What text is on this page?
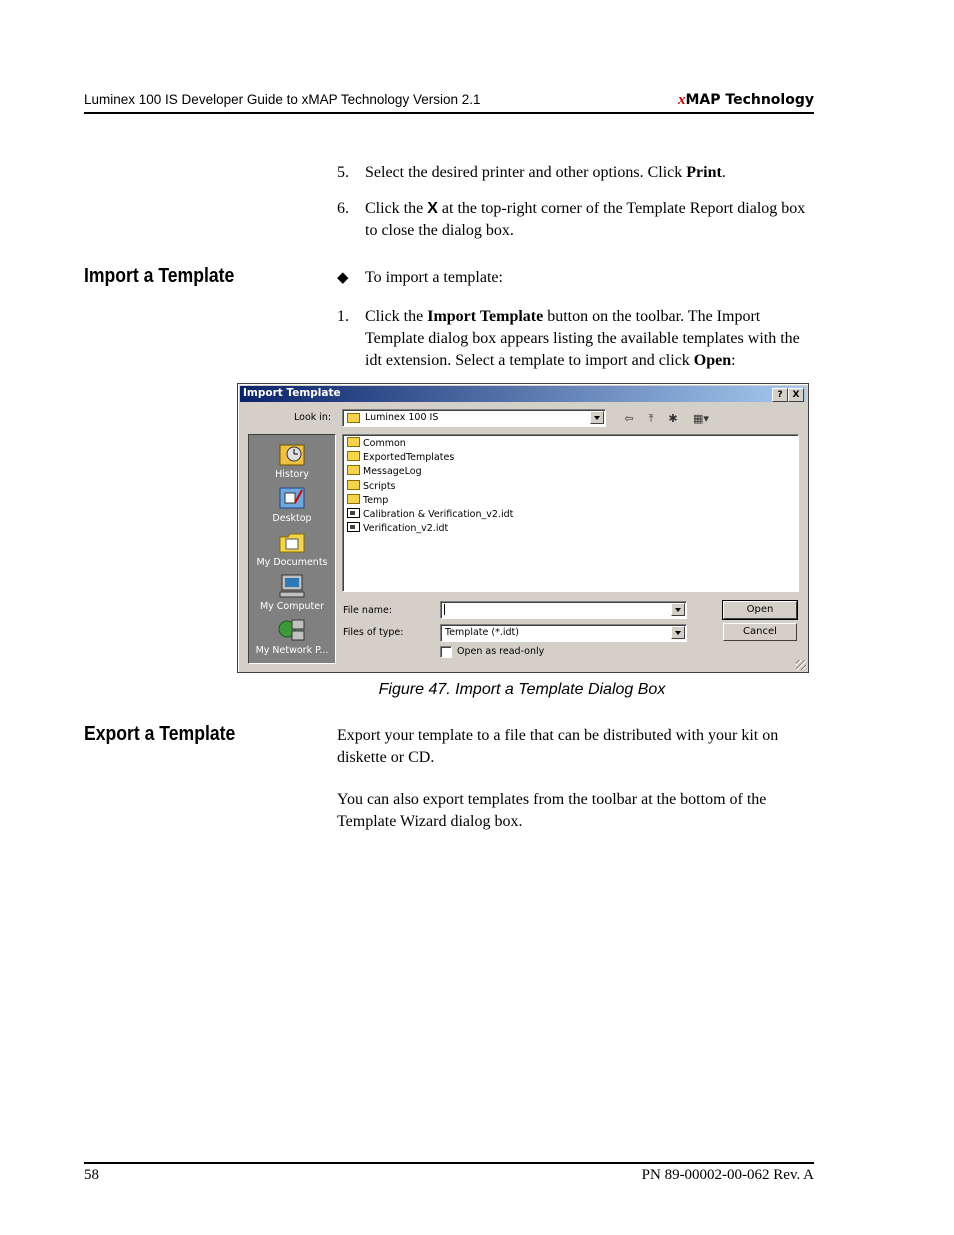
Luminex 100 IS Developer Guide to xMAP Technology Version 2.1	xMAP Technology
5.	Select the desired printer and other options. Click Print.
6.	Click the X at the top-right corner of the Template Report dialog box to close the dialog box.
Import a Template	◆ To import a template:
1.	Click the Import Template button on the toolbar. The Import Template dialog box appears listing the available templates with the idt extension. Select a template to import and click Open:
Import Template	?	X
Look in:	Luminex 100 IS	⇦	⤒	✱	▦▾
History
Desktop
My Documents
My Computer
My Network P...
Common
ExportedTemplates
MessageLog
Scripts
Temp
Calibration & Verification_v2.idt
Verification_v2.idt
File name:
Files of type:	Template (*.idt)
Open as read-only
Open
Cancel
Figure 47. Import a Template Dialog Box
Export a Template	Export your template to a file that can be distributed with your kit on diskette or CD.
You can also export templates from the toolbar at the bottom of the Template Wizard dialog box.
58	PN 89-00002-00-062 Rev. A
